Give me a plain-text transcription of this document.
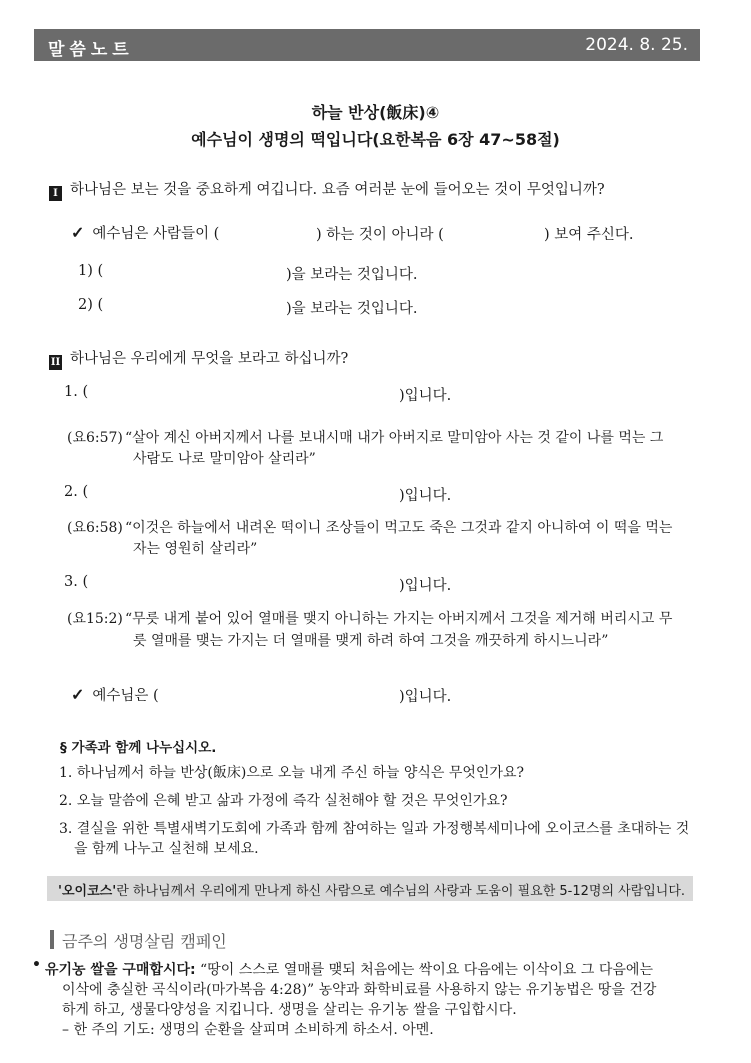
말씀노트	2024. 8. 25.
하늘 반상(飯床)④
예수님이 생명의 떡입니다(요한복음 6장 47~58절)
I 하나님은 보는 것을 중요하게 여깁니다. 요즘 여러분 눈에 들어오는 것이 무엇입니까?
✓ 예수님은 사람들이 (	) 하는 것이 아니라 (	) 보여 주신다.
1) (	)을 보라는 것입니다.
2) (	)을 보라는 것입니다.
II 하나님은 우리에게 무엇을 보라고 하십니까?
1. (	)입니다.
(요6:57) “살아 계신 아버지께서 나를 보내시매 내가 아버지로 말미암아 사는 것 같이 나를 먹는 그
사람도 나로 말미암아 살리라”
2. (	)입니다.
(요6:58) “이것은 하늘에서 내려온 떡이니 조상들이 먹고도 죽은 그것과 같지 아니하여 이 떡을 먹는
자는 영원히 살리라”
3. (	)입니다.
(요15:2) “무릇 내게 붙어 있어 열매를 맺지 아니하는 가지는 아버지께서 그것을 제거해 버리시고 무
릇 열매를 맺는 가지는 더 열매를 맺게 하려 하여 그것을 깨끗하게 하시느니라”
✓ 예수님은 (	)입니다.
§ 가족과 함께 나누십시오.
1. 하나님께서 하늘 반상(飯床)으로 오늘 내게 주신 하늘 양식은 무엇인가요?
2. 오늘 말씀에 은혜 받고 삶과 가정에 즉각 실천해야 할 것은 무엇인가요?
3. 결실을 위한 특별새벽기도회에 가족과 함께 참여하는 일과 가정행복세미나에 오이코스를 초대하는 것
을 함께 나누고 실천해 보세요.
'오이코스'란 하나님께서 우리에게 만나게 하신 사람으로 예수님의 사랑과 도움이 필요한 5-12명의 사람입니다.
금주의 생명살림 캠페인
• 유기농 쌀을 구매합시다: “땅이 스스로 열매를 맺되 처음에는 싹이요 다음에는 이삭이요 그 다음에는
이삭에 충실한 곡식이라(마가복음 4:28)” 농약과 화학비료를 사용하지 않는 유기농법은 땅을 건강
하게 하고, 생물다양성을 지킵니다. 생명을 살리는 유기농 쌀을 구입합시다.
– 한 주의 기도: 생명의 순환을 살피며 소비하게 하소서. 아멘.
